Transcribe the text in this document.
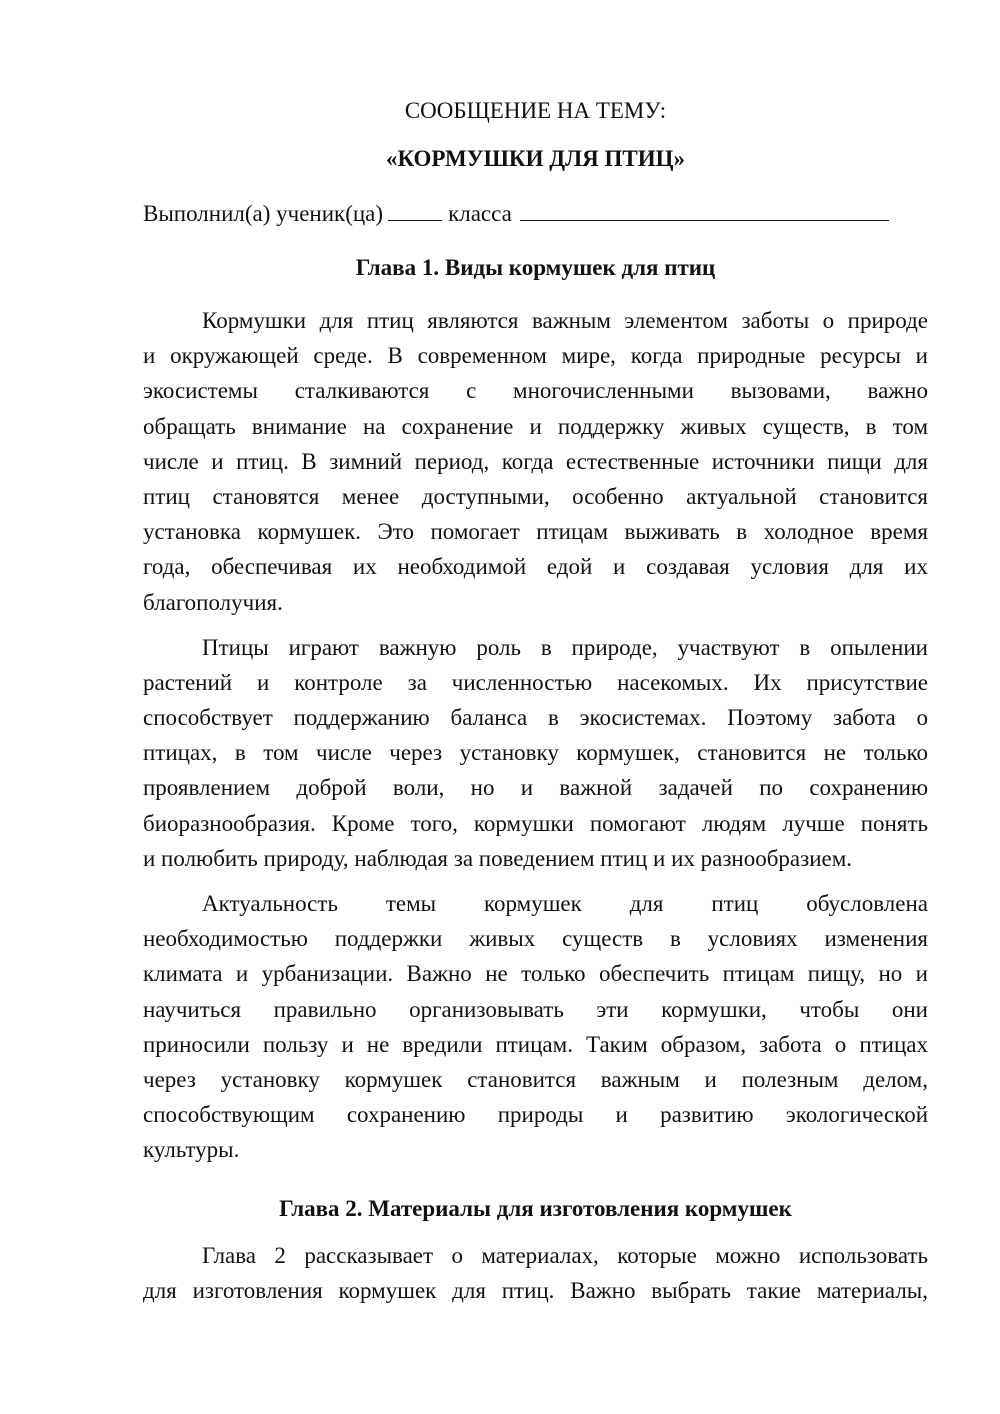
СООБЩЕНИЕ НА ТЕМУ:
«КОРМУШКИ ДЛЯ ПТИЦ»
Выполнил(а) ученик(ца)	класса
Глава 1. Виды кормушек для птиц
Кормушки для птиц являются важным элементом заботы о природе
и окружающей среде. В современном мире, когда природные ресурсы и
экосистемы сталкиваются с многочисленными вызовами, важно
обращать внимание на сохранение и поддержку живых существ, в том
числе и птиц. В зимний период, когда естественные источники пищи для
птиц становятся менее доступными, особенно актуальной становится
установка кормушек. Это помогает птицам выживать в холодное время
года, обеспечивая их необходимой едой и создавая условия для их
благополучия.
Птицы играют важную роль в природе, участвуют в опылении
растений и контроле за численностью насекомых. Их присутствие
способствует поддержанию баланса в экосистемах. Поэтому забота о
птицах, в том числе через установку кормушек, становится не только
проявлением доброй воли, но и важной задачей по сохранению
биоразнообразия. Кроме того, кормушки помогают людям лучше понять
и полюбить природу, наблюдая за поведением птиц и их разнообразием.
Актуальность темы кормушек для птиц обусловлена
необходимостью поддержки живых существ в условиях изменения
климата и урбанизации. Важно не только обеспечить птицам пищу, но и
научиться правильно организовывать эти кормушки, чтобы они
приносили пользу и не вредили птицам. Таким образом, забота о птицах
через установку кормушек становится важным и полезным делом,
способствующим сохранению природы и развитию экологической
культуры.
Глава 2. Материалы для изготовления кормушек
Глава 2 рассказывает о материалах, которые можно использовать
для изготовления кормушек для птиц. Важно выбрать такие материалы,
